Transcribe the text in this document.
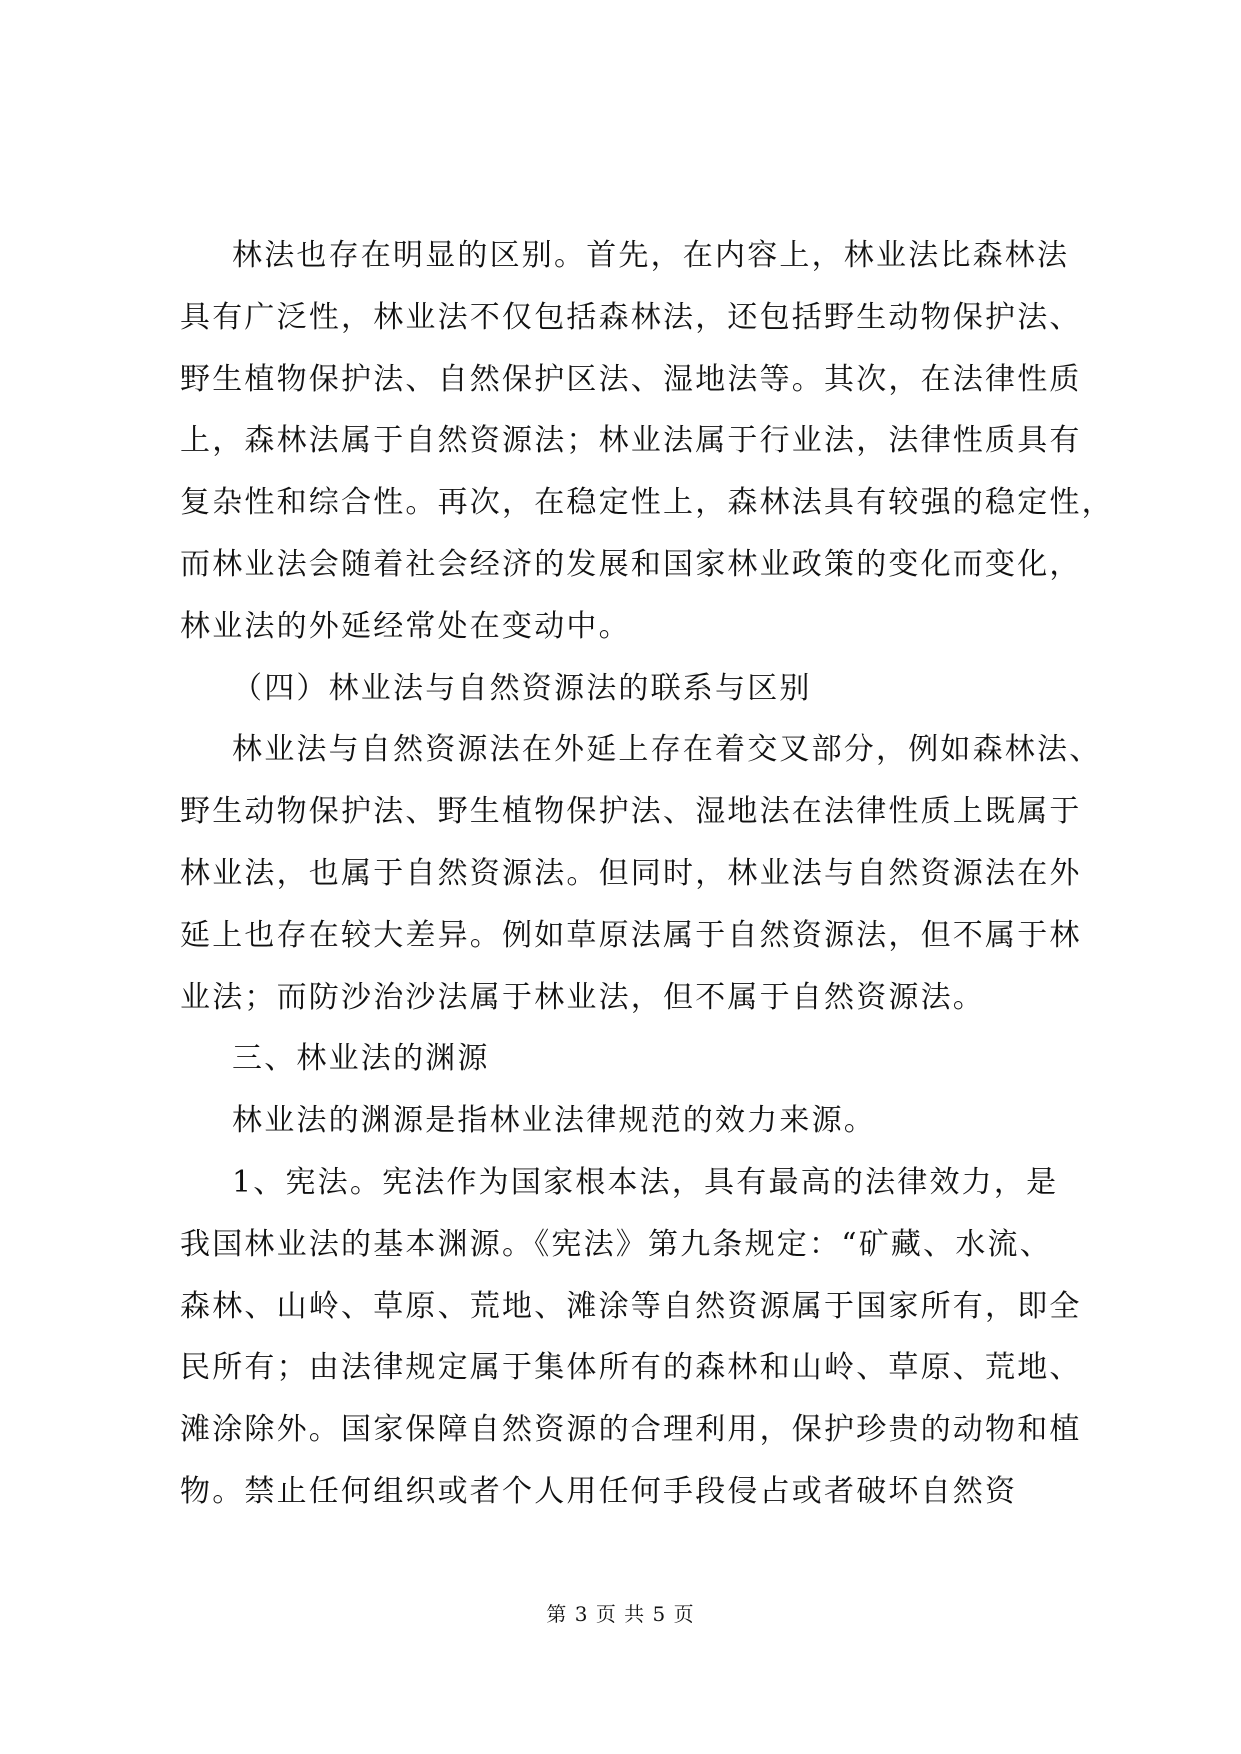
林法也存在明显的区别。首先，在内容上，林业法比森林法
具有广泛性，林业法不仅包括森林法，还包括野生动物保护法、
野生植物保护法、自然保护区法、湿地法等。其次，在法律性质
上，森林法属于自然资源法；林业法属于行业法，法律性质具有
复杂性和综合性。再次，在稳定性上，森林法具有较强的稳定性，
而林业法会随着社会经济的发展和国家林业政策的变化而变化，
林业法的外延经常处在变动中。
（四）林业法与自然资源法的联系与区别
林业法与自然资源法在外延上存在着交叉部分，例如森林法、
野生动物保护法、野生植物保护法、湿地法在法律性质上既属于
林业法，也属于自然资源法。但同时，林业法与自然资源法在外
延上也存在较大差异。例如草原法属于自然资源法，但不属于林
业法；而防沙治沙法属于林业法，但不属于自然资源法。
三、林业法的渊源
林业法的渊源是指林业法律规范的效力来源。
1、宪法。宪法作为国家根本法，具有最高的法律效力，是
我国林业法的基本渊源。《宪法》第九条规定：“矿藏、水流、
森林、山岭、草原、荒地、滩涂等自然资源属于国家所有，即全
民所有；由法律规定属于集体所有的森林和山岭、草原、荒地、
滩涂除外。国家保障自然资源的合理利用，保护珍贵的动物和植
物。禁止任何组织或者个人用任何手段侵占或者破坏自然资
第 3 页 共 5 页
